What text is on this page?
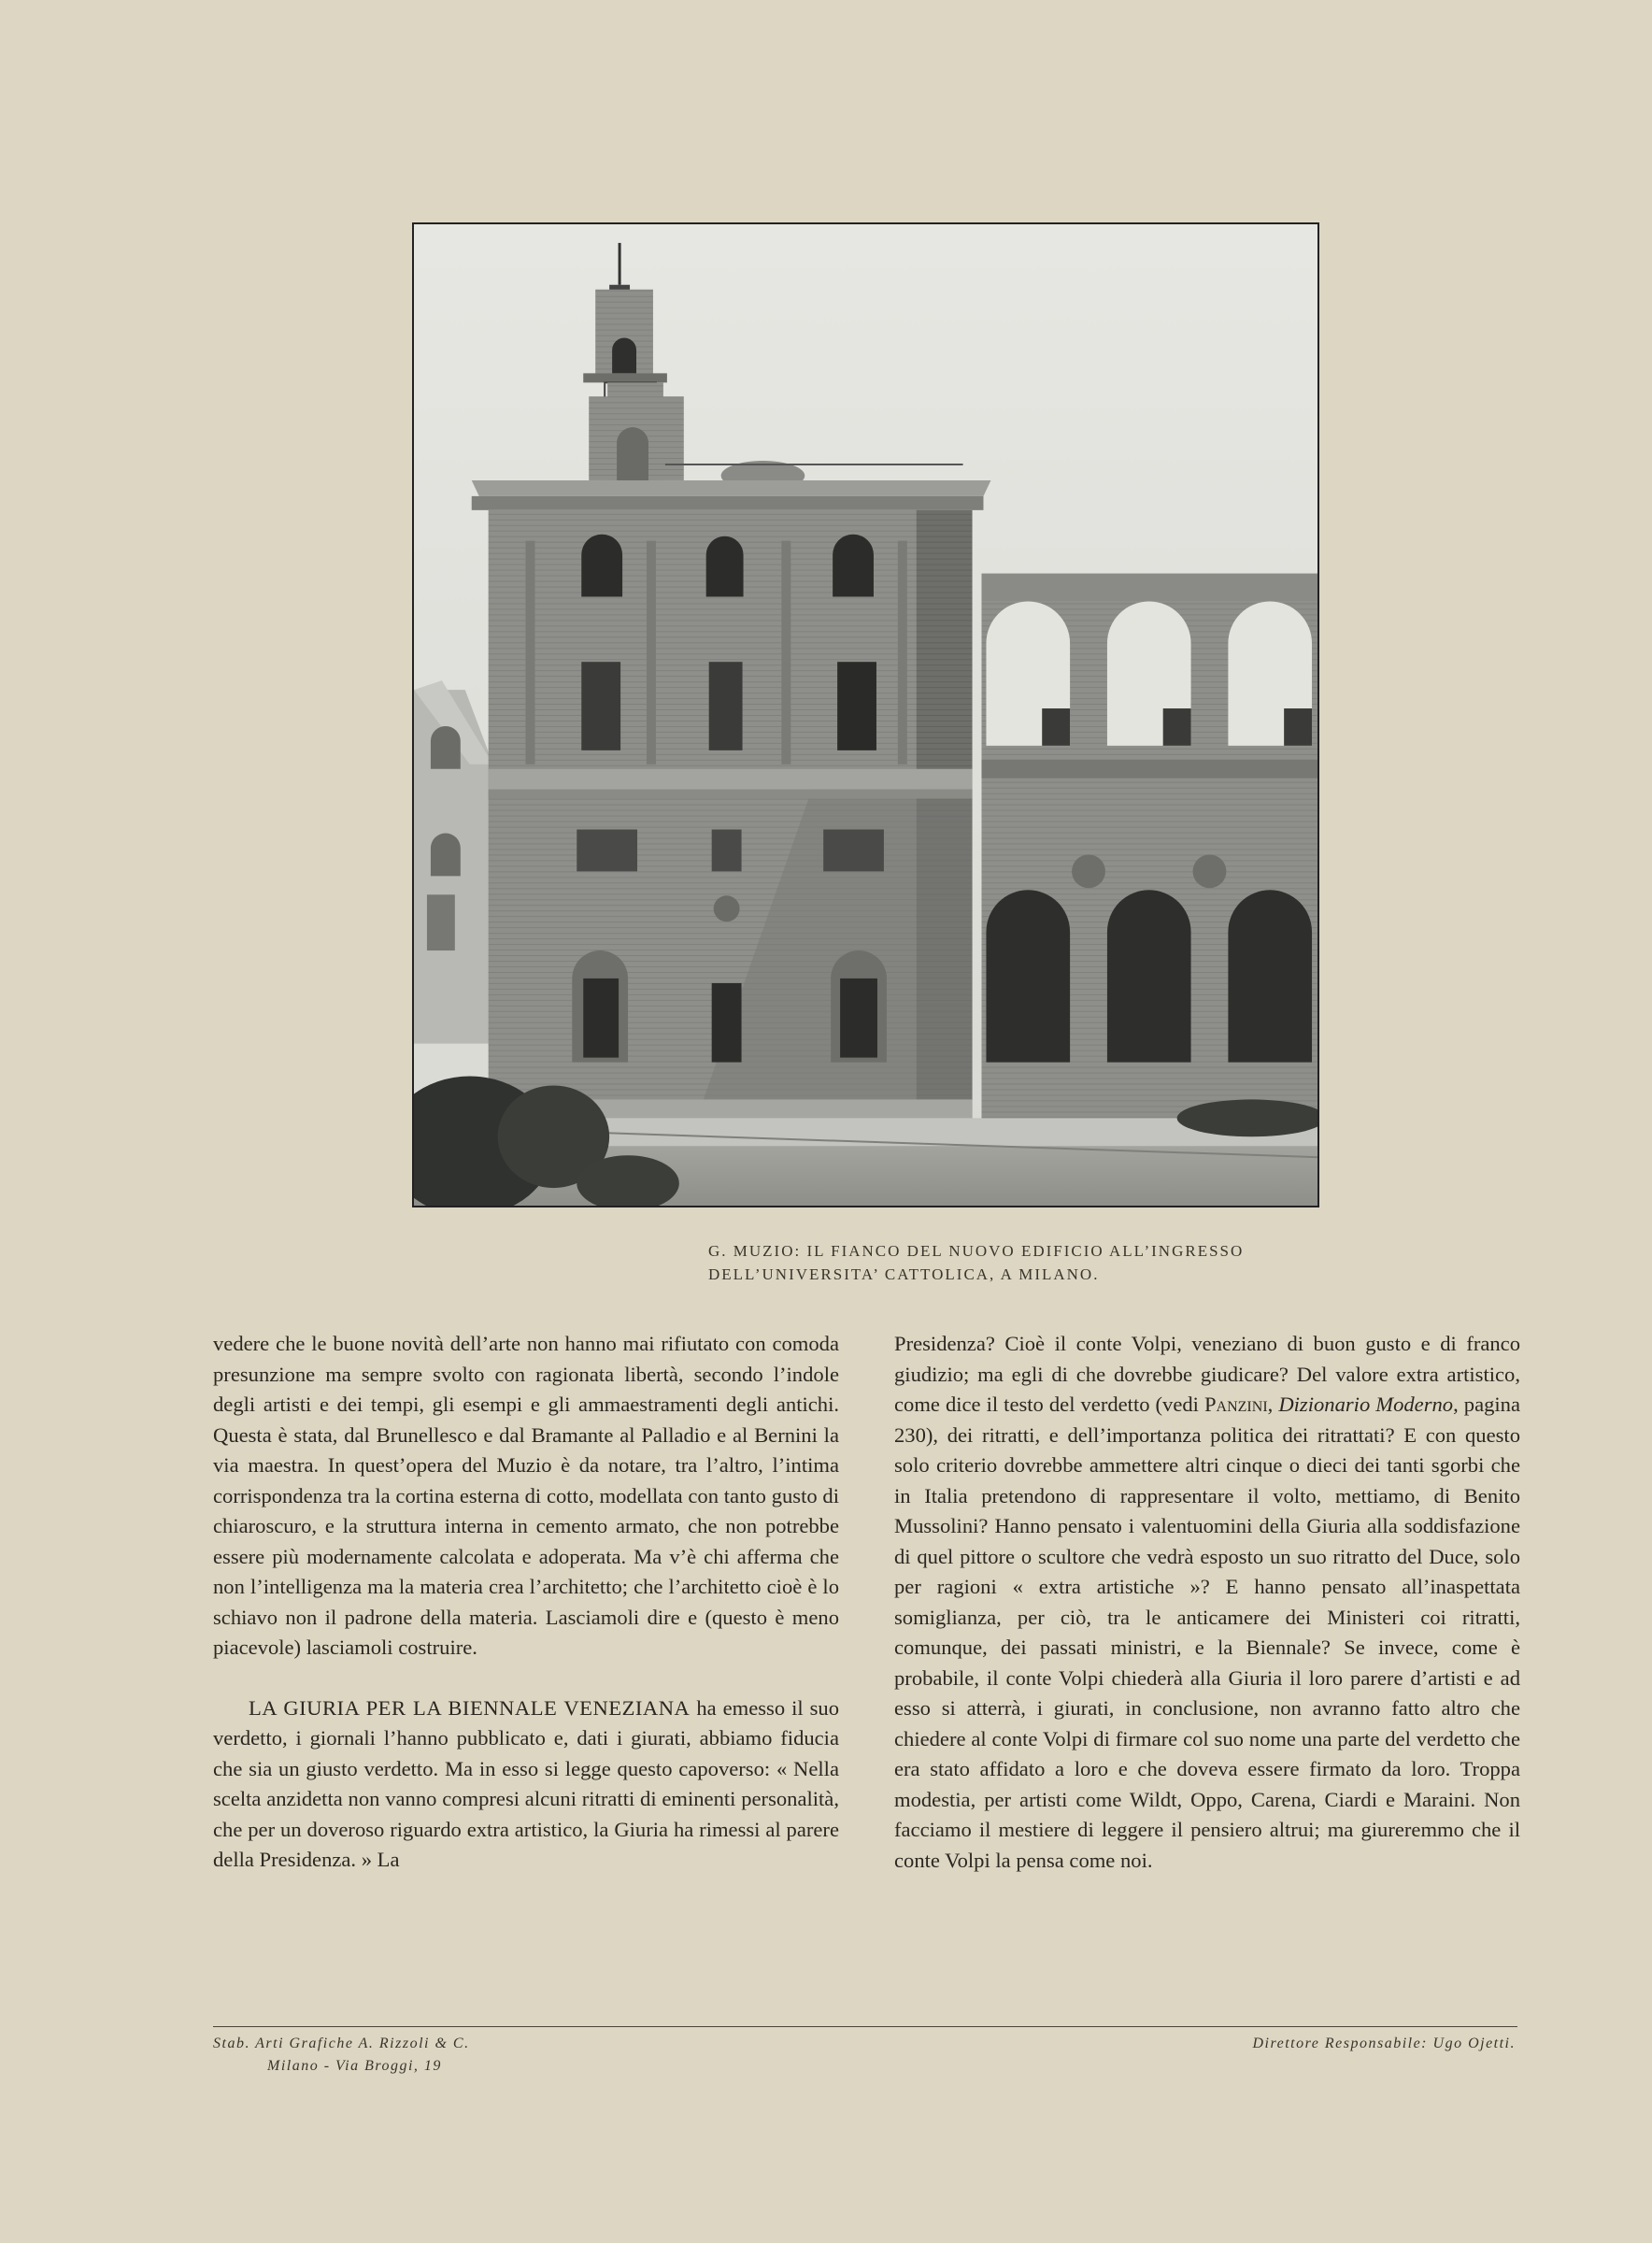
G. MUZIO: IL FIANCO DEL NUOVO EDIFICIO ALL’INGRESSO
DELL’UNIVERSITA’ CATTOLICA, A MILANO.

vedere che le buone novità dell’arte non hanno mai rifiutato con comoda presunzione ma sempre svolto con ragionata libertà, secondo l’indole degli artisti e dei tempi, gli esempi e gli ammaestramenti degli antichi. Questa è stata, dal Brunellesco e dal Bramante al Palladio e al Bernini la via maestra. In quest’opera del Muzio è da notare, tra l’altro, l’intima corrispondenza tra la cortina esterna di cotto, modellata con tanto gusto di chiaroscuro, e la struttura interna in cemento armato, che non potrebbe essere più modernamente calcolata e adoperata. Ma v’è chi afferma che non l’intelligenza ma la materia crea l’architetto; che l’architetto cioè è lo schiavo non il padrone della materia. Lasciamoli dire e (questo è meno piacevole) lasciamoli costruire.

LA GIURIA PER LA BIENNALE VENEZIANA ha emesso il suo verdetto, i giornali l’hanno pubblicato e, dati i giurati, abbiamo fiducia che sia un giusto verdetto. Ma in esso si legge questo capoverso: « Nella scelta anzidetta non vanno compresi alcuni ritratti di eminenti personalità, che per un doveroso riguardo extra artistico, la Giuria ha rimessi al parere della Presidenza. » La

Presidenza? Cioè il conte Volpi, veneziano di buon gusto e di franco giudizio; ma egli di che dovrebbe giudicare? Del valore extra artistico, come dice il testo del verdetto (vedi Panzini, Dizionario Moderno, pagina 230), dei ritratti, e dell’importanza politica dei ritrattati? E con questo solo criterio dovrebbe ammettere altri cinque o dieci dei tanti sgorbi che in Italia pretendono di rappresentare il volto, mettiamo, di Benito Mussolini? Hanno pensato i valentuomini della Giuria alla soddisfazione di quel pittore o scultore che vedrà esposto un suo ritratto del Duce, solo per ragioni « extra artistiche »? E hanno pensato all’inaspettata somiglianza, per ciò, tra le anticamere dei Ministeri coi ritratti, comunque, dei passati ministri, e la Biennale? Se invece, come è probabile, il conte Volpi chiederà alla Giuria il loro parere d’artisti e ad esso si atterrà, i giurati, in conclusione, non avranno fatto altro che chiedere al conte Volpi di firmare col suo nome una parte del verdetto che era stato affidato a loro e che doveva essere firmato da loro. Troppa modestia, per artisti come Wildt, Oppo, Carena, Ciardi e Maraini. Non facciamo il mestiere di leggere il pensiero altrui; ma giureremmo che il conte Volpi la pensa come noi.

Stab. Arti Grafiche A. Rizzoli & C.
Milano - Via Broggi, 19
Direttore Responsabile: Ugo Ojetti.
